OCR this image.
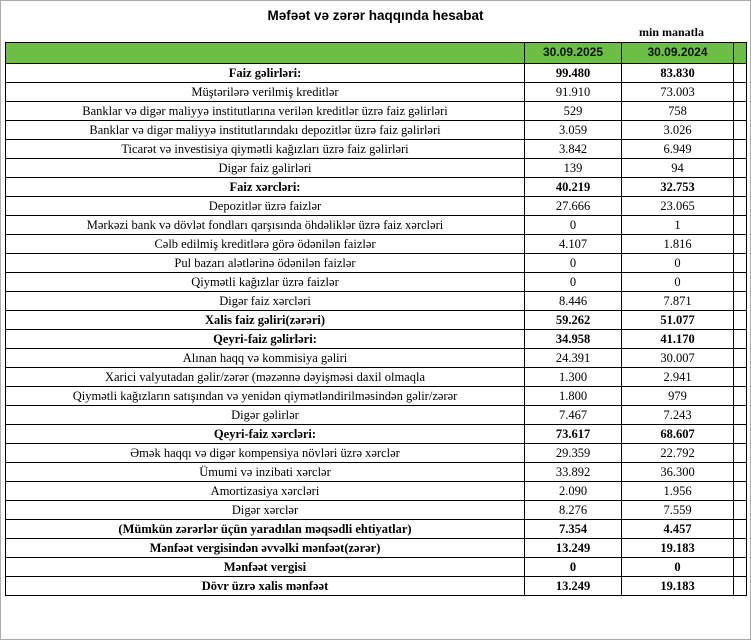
Məfəət və zərər haqqında hesabat
min manatla
	30.09.2025	30.09.2024	
Faiz gəlirləri:	99.480	83.830	
Müştərilərə verilmiş kreditlər	91.910	73.003	
Banklar və digər maliyyə institutlarına verilən kreditlər üzrə faiz gəlirləri	529	758	
Banklar və digər maliyyə institutlarındakı depozitlər üzrə faiz gəlirləri	3.059	3.026	
Ticarət və investisiya qiymətli kağızları üzrə faiz gəlirləri	3.842	6.949	
Digər faiz gəlirləri	139	94	
Faiz xərcləri:	40.219	32.753	
Depozitlər üzrə faizlər	27.666	23.065	
Mərkəzi bank və dövlət fondları qarşısında öhdəliklər üzrə faiz xərcləri	0	1	
Cəlb edilmiş kreditlərə görə ödənilən faizlər	4.107	1.816	
Pul bazarı alətlərinə ödənilən faizlər	0	0	
Qiymətli kağızlar üzrə faizlər	0	0	
Digər faiz xərcləri	8.446	7.871	
Xalis faiz gəliri(zərəri)	59.262	51.077	
Qeyri-faiz gəlirləri:	34.958	41.170	
Alınan haqq və kommisiya gəliri	24.391	30.007	
Xarici valyutadan gəlir/zərər (məzənnə dəyişməsi daxil olmaqla	1.300	2.941	
Qiymətli kağızların satışından və yenidən qiymətləndirilməsindən gəlir/zərər	1.800	979	
Digər gəlirlər	7.467	7.243	
Qeyri-faiz xərcləri:	73.617	68.607	
Əmək haqqı və digər kompensiya növləri üzrə xərclər	29.359	22.792	
Ümumi və inzibati xərclər	33.892	36.300	
Amortizasiya xərcləri	2.090	1.956	
Digər xərclər	8.276	7.559	
(Mümkün zərərlər üçün yaradılan məqsədli ehtiyatlar)	7.354	4.457	
Mənfəət vergisindən əvvəlki mənfəət(zərər)	13.249	19.183	
Mənfəət vergisi	0	0	
Dövr üzrə xalis mənfəət	13.249	19.183	
